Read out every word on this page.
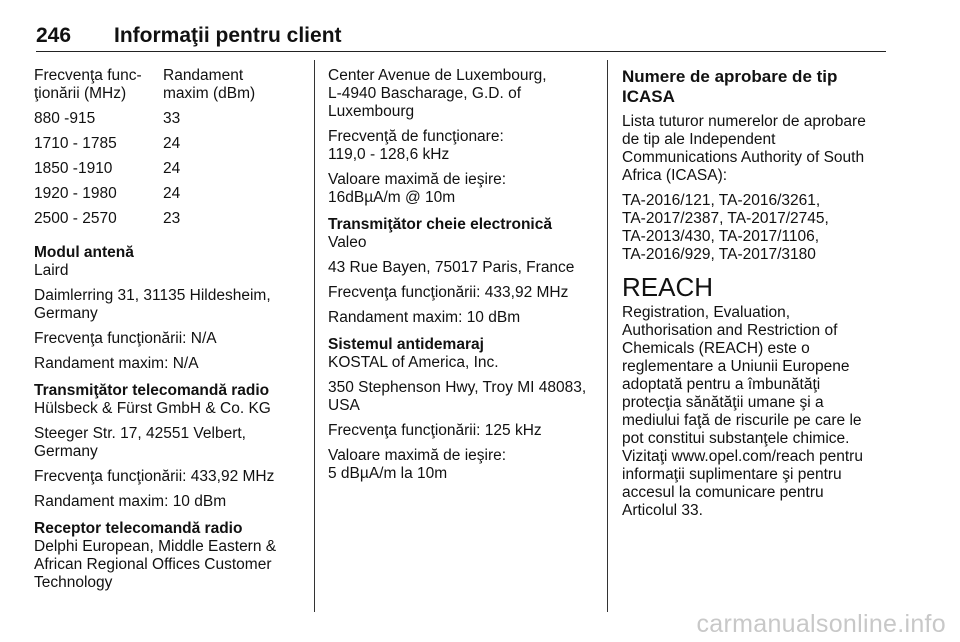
246 Informaţii pentru client
Frecvenţa func‐
ţionării (MHz)
Randament
maxim (dBm)
880 -915	33
1710 - 1785	24
1850 -1910	24
1920 - 1980	24
2500 - 2570	23
Modul antenă
Laird
Daimlerring 31, 31135 Hildesheim,
Germany
Frecvenţa funcţionării: N/A
Randament maxim: N/A
Transmiţător telecomandă radio
Hülsbeck & Fürst GmbH & Co. KG
Steeger Str. 17, 42551 Velbert,
Germany
Frecvenţa funcţionării: 433,92 MHz
Randament maxim: 10 dBm
Receptor telecomandă radio
Delphi European, Middle Eastern &
African Regional Offices Customer
Technology
Center Avenue de Luxembourg,
L-4940 Bascharage, G.D. of
Luxembourg
Frecvenţă de funcţionare:
119,0 - 128,6 kHz
Valoare maximă de ieşire:
16dBµA/m @ 10m
Transmiţător cheie electronică
Valeo
43 Rue Bayen, 75017 Paris, France
Frecvenţa funcţionării: 433,92 MHz
Randament maxim: 10 dBm
Sistemul antidemaraj
KOSTAL of America, Inc.
350 Stephenson Hwy, Troy MI 48083,
USA
Frecvenţa funcţionării: 125 kHz
Valoare maximă de ieşire:
5 dBµA/m la 10m
Numere de aprobare de tip
ICASA
Lista tuturor numerelor de aprobare
de tip ale Independent
Communications Authority of South
Africa (ICASA):
TA-2016/121, TA-2016/3261,
TA-2017/2387, TA-2017/2745,
TA-2013/430, TA-2017/1106,
TA-2016/929, TA-2017/3180
REACH
Registration, Evaluation,
Authorisation and Restriction of
Chemicals (REACH) este o
reglementare a Uniunii Europene
adoptată pentru a îmbunătăţi
protecţia sănătăţii umane şi a
mediului faţă de riscurile pe care le
pot constitui substanţele chimice.
Vizitaţi www.opel.com/reach pentru
informaţii suplimentare şi pentru
accesul la comunicare pentru
Articolul 33.
carmanualsonline.info
